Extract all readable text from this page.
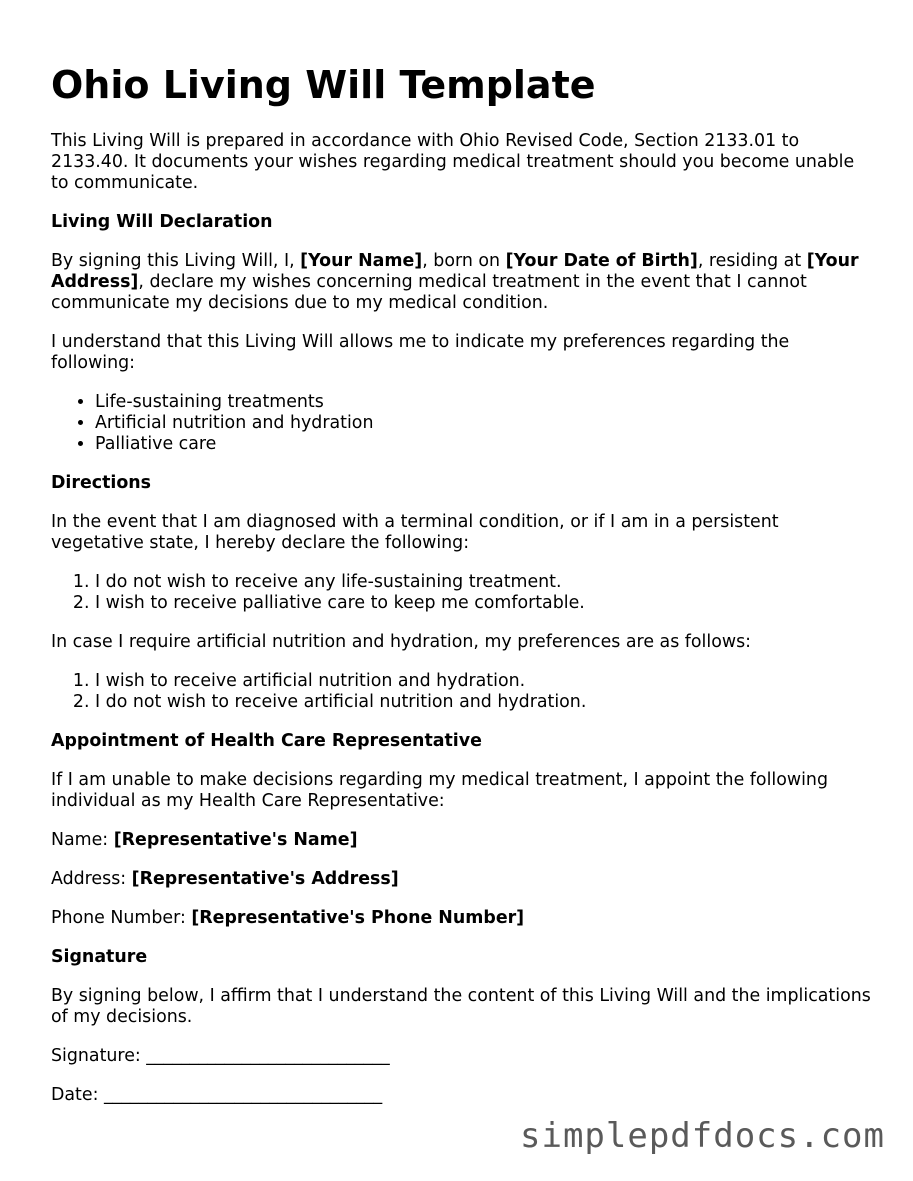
Ohio Living Will Template

This Living Will is prepared in accordance with Ohio Revised Code, Section 2133.01 to 2133.40. It documents your wishes regarding medical treatment should you become unable to communicate.

Living Will Declaration

By signing this Living Will, I, [Your Name], born on [Your Date of Birth], residing at [Your Address], declare my wishes concerning medical treatment in the event that I cannot communicate my decisions due to my medical condition.

I understand that this Living Will allows me to indicate my preferences regarding the following:

• Life-sustaining treatments
• Artificial nutrition and hydration
• Palliative care
Directions

In the event that I am diagnosed with a terminal condition, or if I am in a persistent vegetative state, I hereby declare the following:

1. I do not wish to receive any life-sustaining treatment.
2. I wish to receive palliative care to keep me comfortable.

In case I require artificial nutrition and hydration, my preferences are as follows:

1. I wish to receive artificial nutrition and hydration.
2. I do not wish to receive artificial nutrition and hydration.
Appointment of Health Care Representative

If I am unable to make decisions regarding my medical treatment, I appoint the following individual as my Health Care Representative:

Name: [Representative's Name]

Address: [Representative's Address]

Phone Number: [Representative's Phone Number]

Signature

By signing below, I affirm that I understand the content of this Living Will and the implications of my decisions.

Signature: ____________________________

Date: ________________________________

simplepdfdocs.com
